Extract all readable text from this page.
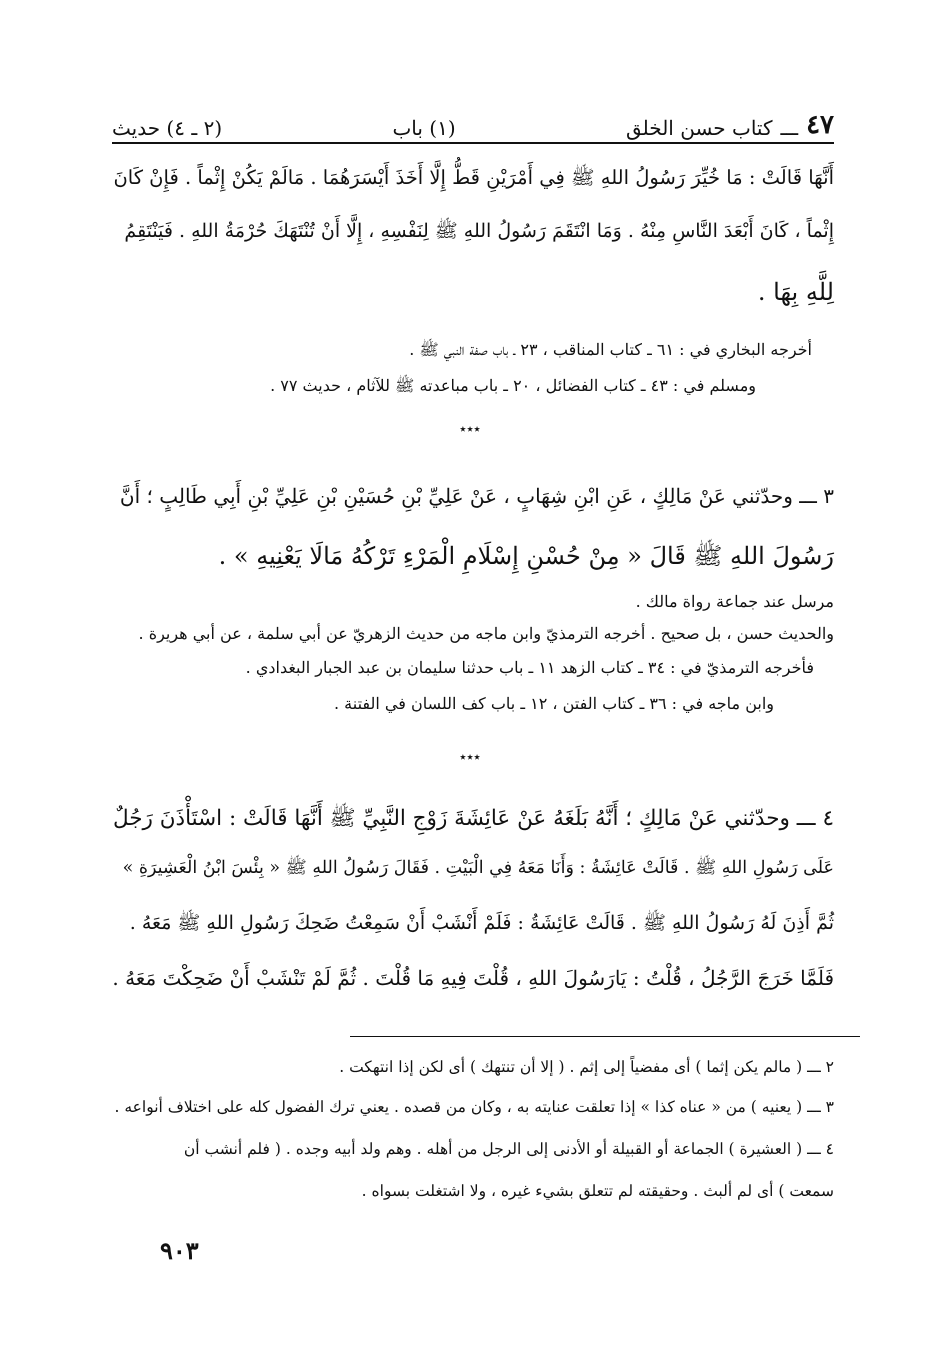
٤٧
ـــ
كتاب حسن الخلق
(١) باب
(٢ ـ ٤) حديث
أَنَّهَا قَالَتْ : مَا خُيِّرَ رَسُولُ اللهِ ﷺ فِي أَمْرَيْنِ قَطُّ إِلَّا أَخَذَ أَيْسَرَهُمَا . مَالَمْ يَكُنْ إِثْماً . فَإِنْ كَانَ
إِثْماً ، كَانَ أَبْعَدَ النَّاسِ مِنْهُ . وَمَا انْتَقَمَ رَسُولُ اللهِ ﷺ لِنَفْسِهِ ، إِلَّا أَنْ تُنْتَهَكَ حُرْمَةُ اللهِ . فَيَنْتَقِمُ
لِلَّهِ بِهَا .
أخرجه البخاري في : ٦١ ـ كتاب المناقب ، ٢٣ ـ باب صفة النبي ﷺ .
ومسلم في : ٤٣ ـ كتاب الفضائل ، ٢٠ ـ باب مباعدته ﷺ للآثام ، حديث ٧٧ .
٭٭٭
٣ ـــ وحدّثني عَنْ مَالِكٍ ، عَنِ ابْنِ شِهَابٍ ، عَنْ عَلِيِّ بْنِ حُسَيْنِ بْنِ عَلِيِّ بْنِ أَبِي طَالِبٍ ؛ أَنَّ
رَسُولَ اللهِ ﷺ قَالَ « مِنْ حُسْنِ إِسْلَامِ الْمَرْءِ تَرْكُهُ مَالَا يَعْنِيهِ » .
مرسل عند جماعة رواة مالك .
والحديث حسن ، بل صحيح . أخرجه الترمذيّ وابن ماجه من حديث الزهريّ عن أبي سلمة ، عن أبي هريرة .
فأخرجه الترمذيّ في : ٣٤ ـ كتاب الزهد ١١ ـ باب حدثنا سليمان بن عبد الجبار البغدادي .
وابن ماجه في : ٣٦ ـ كتاب الفتن ، ١٢ ـ باب كف اللسان في الفتنة .
٭٭٭
٤ ـــ وحدّثني عَنْ مَالِكٍ ؛ أَنَّهُ بَلَغَهُ عَنْ عَائِشَةَ زَوْجِ النَّبِيِّ ﷺ أَنَّهَا قَالَتْ : اسْتَأْذَنَ رَجُلٌ
عَلَى رَسُولِ اللهِ ﷺ . قَالَتْ عَائِشَةُ : وَأَنَا مَعَهُ فِي الْبَيْتِ . فَقَالَ رَسُولُ اللهِ ﷺ « بِئْسَ ابْنُ الْعَشِيرَةِ »
ثُمَّ أَذِنَ لَهُ رَسُولُ اللهِ ﷺ . قَالَتْ عَائِشَةُ : فَلَمْ أَنْشَبْ أَنْ سَمِعْتُ ضَحِكَ رَسُولِ اللهِ ﷺ مَعَهُ .
فَلَمَّا خَرَجَ الرَّجُلُ ، قُلْتُ : يَارَسُولَ اللهِ ، قُلْتَ فِيهِ مَا قُلْتَ . ثُمَّ لَمْ تَنْشَبْ أَنْ ضَحِكْتَ مَعَهُ .
٢ ـــ ( مالم يكن إثما ) أى مفضياً إلى إثم . ( إلا أن تنتهك ) أى لكن إذا انتهكت .
٣ ـــ ( يعنيه ) من « عناه كذا » إذا تعلقت عنايته به ، وكان من قصده . يعني ترك الفضول كله على اختلاف أنواعه .
٤ ـــ ( العشيرة ) الجماعة أو القبيلة أو الأدنى إلى الرجل من أهله . وهم ولد أبيه وجده . ( فلم أنشب أن
سمعت ) أى لم ألبث . وحقيقته لم تتعلق بشيء غيره ، ولا اشتغلت بسواه .
٩٠٣
